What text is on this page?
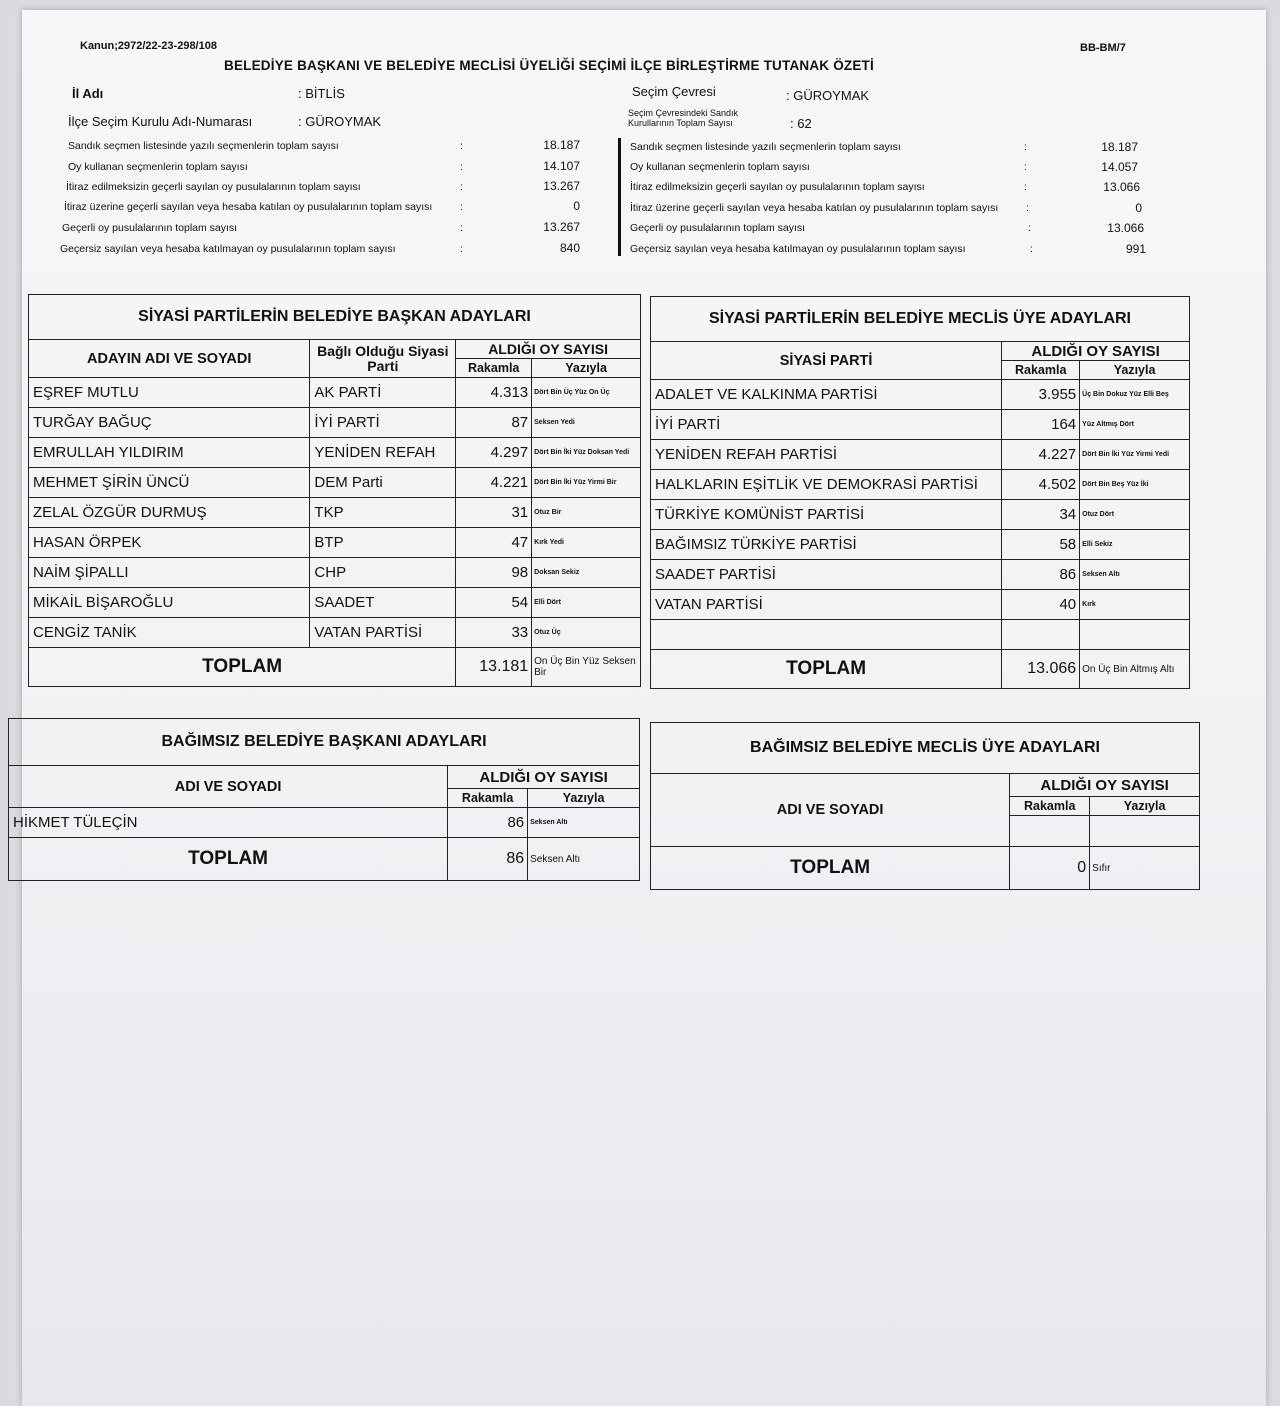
Kanun;2972/22-23-298/108	BB-BM/7
BELEDİYE BAŞKANI VE BELEDİYE MECLİSİ ÜYELİĞİ SEÇİMİ İLÇE BİRLEŞTİRME TUTANAK ÖZETİ
İl Adı	: BİTLİS
İlçe Seçim Kurulu Adı-Numarası	: GÜROYMAK
Seçim Çevresi	: GÜROYMAK
Seçim Çevresindeki Sandık Kurullarının Toplam Sayısı	: 62
Sandık seçmen listesinde yazılı seçmenlerin toplam sayısı	:	18.187
Oy kullanan seçmenlerin toplam sayısı	:	14.107
İtiraz edilmeksizin geçerli sayılan oy pusulalarının toplam sayısı	:	13.267
İtiraz üzerine geçerli sayılan veya hesaba katılan oy pusulalarının toplam sayısı	:	0
Geçerli oy pusulalarının toplam sayısı	:	13.267
Geçersiz sayılan veya hesaba katılmayan oy pusulalarının toplam sayısı	:	840
Sandık seçmen listesinde yazılı seçmenlerin toplam sayısı	:	18.187
Oy kullanan seçmenlerin toplam sayısı	:	14.057
İtiraz edilmeksizin geçerli sayılan oy pusulalarının toplam sayısı	:	13.066
İtiraz üzerine geçerli sayılan veya hesaba katılan oy pusulalarının toplam sayısı	:	0
Geçerli oy pusulalarının toplam sayısı	:	13.066
Geçersiz sayılan veya hesaba katılmayan oy pusulalarının toplam sayısı	:	991
SİYASİ PARTİLERİN BELEDİYE BAŞKAN ADAYLARI			
ADAYIN ADI VE SOYADI	Bağlı Olduğu Siyasi Parti	ALDIĞI OY SAYISI	
		Rakamla	Yazıyla
EŞREF MUTLU	AK PARTİ	4.313	Dört Bin Üç Yüz On Üç
TURĞAY BAĞUÇ	İYİ PARTİ	87	Seksen Yedi
EMRULLAH YILDIRIM	YENİDEN REFAH	4.297	Dört Bin İki Yüz Doksan Yedi
MEHMET ŞİRİN ÜNCÜ	DEM Parti	4.221	Dört Bin İki Yüz Yirmi Bir
ZELAL ÖZGÜR DURMUŞ	TKP	31	Otuz Bir
HASAN ÖRPEK	BTP	47	Kırk Yedi
NAİM ŞİPALLI	CHP	98	Doksan Sekiz
MİKAİL BİŞAROĞLU	SAADET	54	Elli Dört
CENGİZ TANİK	VATAN PARTİSİ	33	Otuz Üç
TOPLAM		13.181	On Üç Bin Yüz Seksen Bir
SİYASİ PARTİLERİN BELEDİYE MECLİS ÜYE ADAYLARI		
SİYASİ PARTİ	ALDIĞI OY SAYISI	
	Rakamla	Yazıyla
ADALET VE KALKINMA PARTİSİ	3.955	Üç Bin Dokuz Yüz Elli Beş
İYİ PARTİ	164	Yüz Altmış Dört
YENİDEN REFAH PARTİSİ	4.227	Dört Bin İki Yüz Yirmi Yedi
HALKLARIN EŞİTLİK VE DEMOKRASİ PARTİSİ	4.502	Dört Bin Beş Yüz İki
TÜRKİYE KOMÜNİST PARTİSİ	34	Otuz Dört
BAĞIMSIZ TÜRKİYE PARTİSİ	58	Elli Sekiz
SAADET PARTİSİ	86	Seksen Altı
VATAN PARTİSİ	40	Kırk

TOPLAM	13.066	On Üç Bin Altmış Altı
BAĞIMSIZ BELEDİYE BAŞKANI ADAYLARI		
ADI VE SOYADI	ALDIĞI OY SAYISI	
	Rakamla	Yazıyla
HİKMET TÜLEÇİN	86	Seksen Altı
TOPLAM	86	Seksen Altı
BAĞIMSIZ BELEDİYE MECLİS ÜYE ADAYLARI		
ADI VE SOYADI	ALDIĞI OY SAYISI	
	Rakamla	Yazıyla

TOPLAM	0	Sıfır
